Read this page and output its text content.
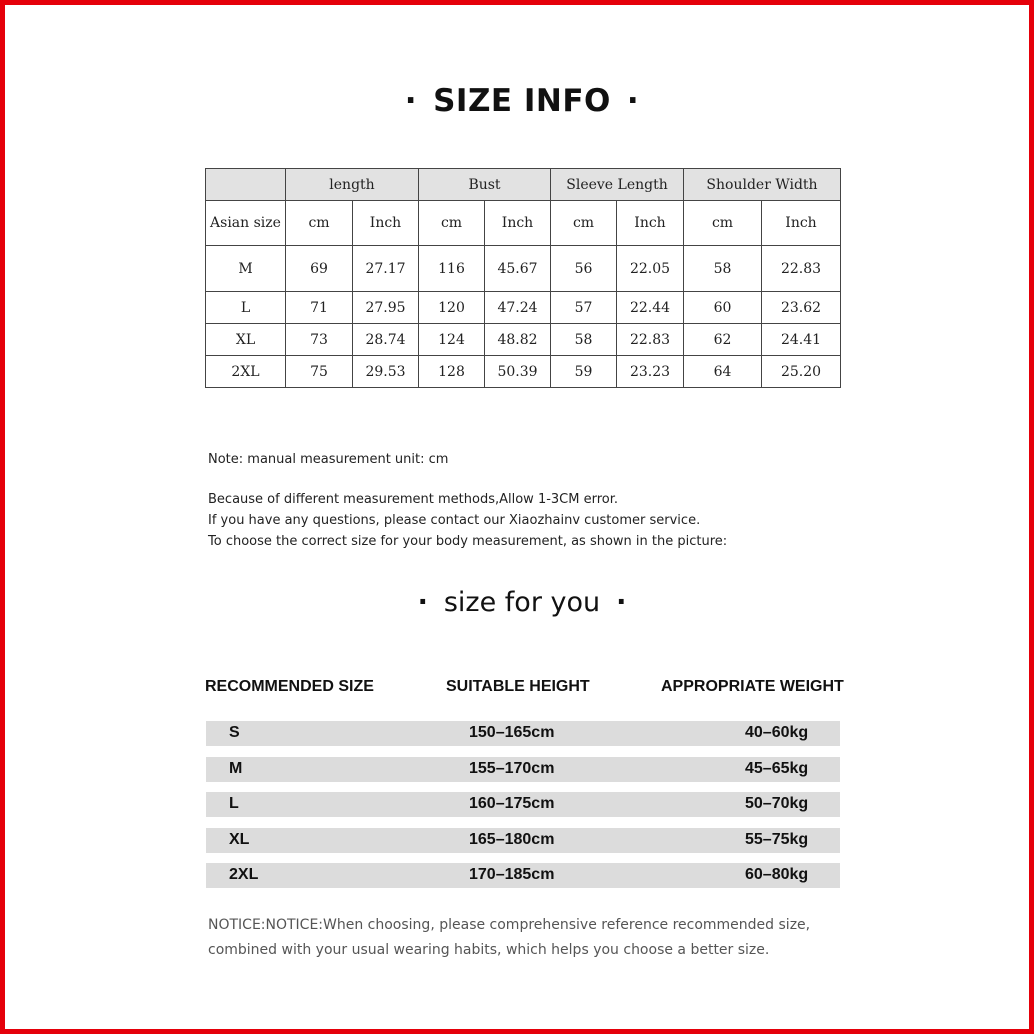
· SIZE INFO ·
	length		Bust		Sleeve Length		Shoulder Width	
Asian size	cm	Inch	cm	Inch	cm	Inch	cm	Inch
M	69	27.17	116	45.67	56	22.05	58	22.83
L	71	27.95	120	47.24	57	22.44	60	23.62
XL	73	28.74	124	48.82	58	22.83	62	24.41
2XL	75	29.53	128	50.39	59	23.23	64	25.20
Note: manual measurement unit: cm
Because of different measurement methods,Allow 1-3CM error.
If you have any questions, please contact our Xiaozhainv customer service.
To choose the correct size for your body measurement, as shown in the picture:
· size for you ·
RECOMMENDED SIZE	SUITABLE HEIGHT	APPROPRIATE WEIGHT
S	150–165cm	40–60kg
M	155–170cm	45–65kg
L	160–175cm	50–70kg
XL	165–180cm	55–75kg
2XL	170–185cm	60–80kg
NOTICE:NOTICE:When choosing, please comprehensive reference recommended size,
combined with your usual wearing habits, which helps you choose a better size.
